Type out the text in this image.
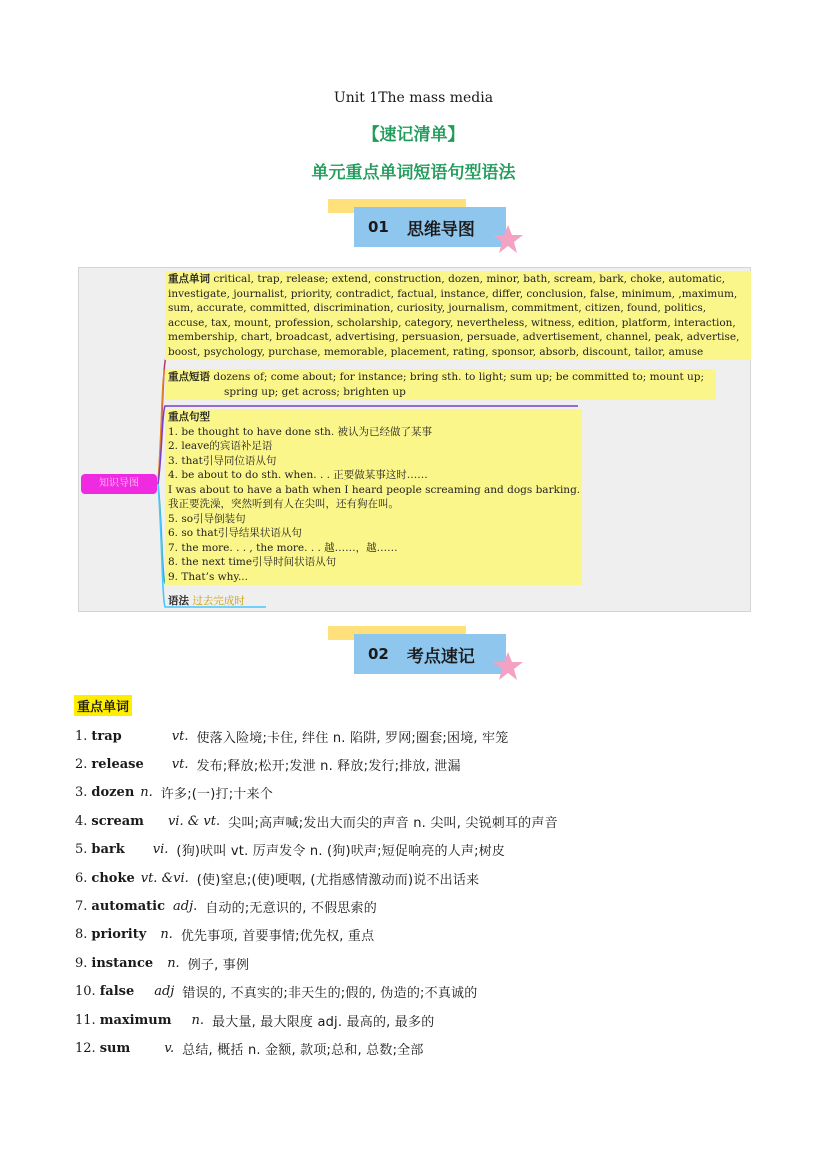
Unit 1The mass media
【速记清单】
单元重点单词短语句型语法
01 思维导图
知识导图
重点单词 critical, trap, release; extend, construction, dozen, minor, bath, scream, bark, choke, automatic, investigate, journalist, priority, contradict, factual, instance, differ, conclusion, false, minimum, ,maximum, sum, accurate, committed, discrimination, curiosity, journalism, commitment, citizen, found, politics, accuse, tax, mount, profession, scholarship, category, nevertheless, witness, edition, platform, interaction, membership, chart, broadcast, advertising, persuasion, persuade, advertisement, channel, peak, advertise, boost, psychology, purchase, memorable, placement, rating, sponsor, absorb, discount, tailor, amuse
重点短语 dozens of; come about; for instance; bring sth. to light; sum up; be committed to; mount up;
spring up; get across; brighten up
重点句型
1. be thought to have done sth. 被认为已经做了某事
2. leave的宾语补足语
3. that引导同位语从句
4. be about to do sth. when. . . 正要做某事这时……
I was about to have a bath when I heard people screaming and dogs barking.
我正要洗澡，突然听到有人在尖叫，还有狗在叫。
5. so引导倒装句
6. so that引导结果状语从句
7. the more. . . , the more. . . 越……，越……
8. the next time引导时间状语从句
9. That’s why...
语法 过去完成时
02 考点速记
重点单词
1. trap	vt. 使落入险境;卡住, 绊住 n. 陷阱, 罗网;圈套;困境, 牢笼
2. release vt. 发布;释放;松开;发泄 n. 释放;发行;排放, 泄漏
3. dozen n. 许多;(一)打;十来个
4. scream vi. & vt. 尖叫;高声喊;发出大而尖的声音 n. 尖叫, 尖锐刺耳的声音
5. bark vi. (狗)吠叫 vt. 厉声发令 n. (狗)吠声;短促响亮的人声;树皮
6. choke vt. &vi. (使)窒息;(使)哽咽, (尤指感情激动而)说不出话来
7. automatic adj. 自动的;无意识的, 不假思索的
8. priority n. 优先事项, 首要事情;优先权, 重点
9. instance n. 例子, 事例
10. false adj 错误的, 不真实的;非天生的;假的, 伪造的;不真诚的
11. maximum n. 最大量, 最大限度 adj. 最高的, 最多的
12. sum	v. 总结, 概括 n. 金额, 款项;总和, 总数;全部
